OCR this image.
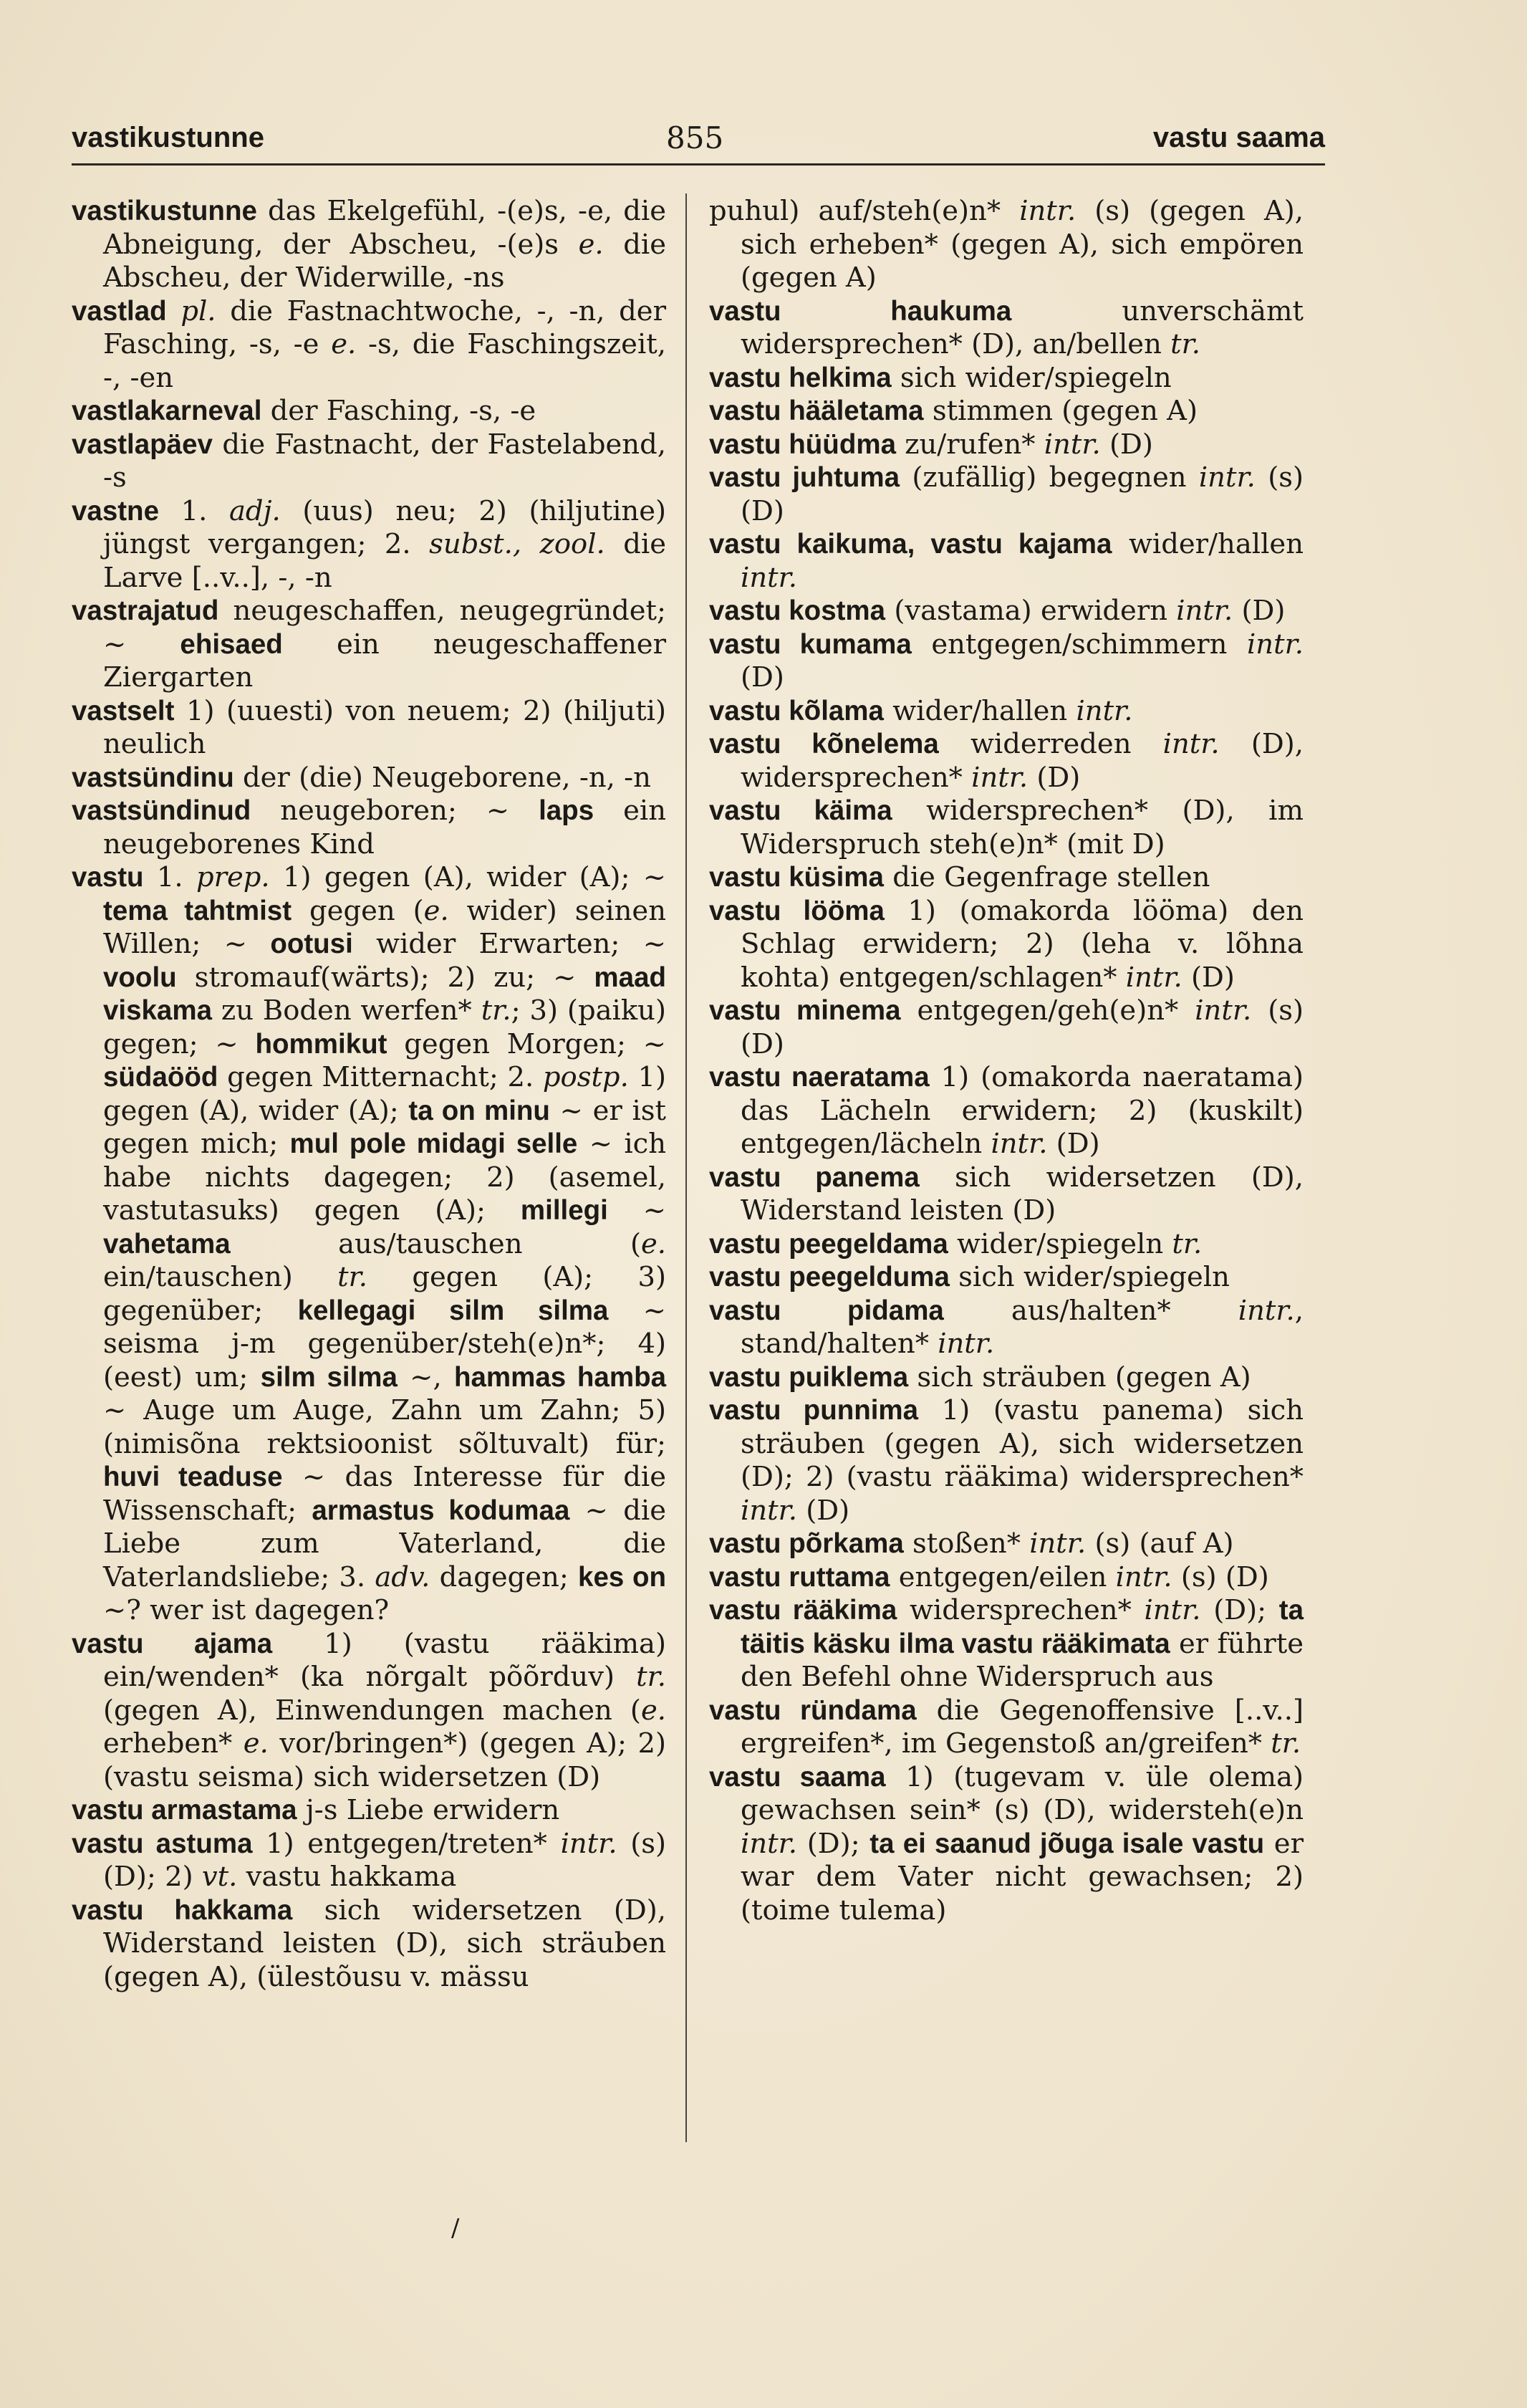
vastikustunne	855	vastu saama
vastikustunne das Ekelgefühl, -(e)s, -e, die Abneigung, der Abscheu, -(e)s e. die Abscheu, der Widerwille, -ns
vastlad pl. die Fastnachtwoche, -, -n, der Fasching, -s, -e e. -s, die Faschingszeit, -, -en
vastlakarneval der Fasching, -s, -e
vastlapäev die Fastnacht, der Fastelabend, -s
vastne 1. adj. (uus) neu; 2) (hiljutine) jüngst vergangen; 2. subst., zool. die Larve [..v..], -, -n
vastrajatud neugeschaffen, neugegründet; ~ ehisaed ein neugeschaffener Ziergarten
vastselt 1) (uuesti) von neuem; 2) (hiljuti) neulich
vastsündinu der (die) Neugeborene, -n, -n
vastsündinud neugeboren; ~ laps ein neugeborenes Kind
vastu 1. prep. 1) gegen (A), wider (A); ~ tema tahtmist gegen (e. wider) seinen Willen; ~ ootusi wider Erwarten; ~ voolu stromauf(wärts); 2) zu; ~ maad viskama zu Boden werfen* tr.; 3) (paiku) gegen; ~ hommikut gegen Morgen; ~ südaööd gegen Mitternacht; 2. postp. 1) gegen (A), wider (A); ta on minu ~ er ist gegen mich; mul pole midagi selle ~ ich habe nichts dagegen; 2) (asemel, vastutasuks) gegen (A); millegi ~ vahetama aus/tauschen (e. ein/tauschen) tr. gegen (A); 3) gegenüber; kellegagi silm silma ~ seisma j-m gegenüber/steh(e)n*; 4) (eest) um; silm silma ~, hammas hamba ~ Auge um Auge, Zahn um Zahn; 5) (nimisõna rektsioonist sõltuvalt) für; huvi teaduse ~ das Interesse für die Wissenschaft; armastus kodumaa ~ die Liebe zum Vaterland, die Vaterlandsliebe; 3. adv. dagegen; kes on ~? wer ist dagegen?
vastu ajama 1) (vastu rääkima) ein/wenden* (ka nõrgalt põõrduv) tr. (gegen A), Einwendungen machen (e. erheben* e. vor/bringen*) (gegen A); 2) (vastu seisma) sich widersetzen (D)
vastu armastama j-s Liebe erwidern
vastu astuma 1) entgegen/treten* intr. (s) (D); 2) vt. vastu hakkama
vastu hakkama sich widersetzen (D), Widerstand leisten (D), sich sträuben (gegen A), (ülestõusu v. mässu
puhul) auf/steh(e)n* intr. (s) (gegen A), sich erheben* (gegen A), sich empören (gegen A)
vastu haukuma unverschämt widersprechen* (D), an/bellen tr.
vastu helkima sich wider/spiegeln
vastu hääletama stimmen (gegen A)
vastu hüüdma zu/rufen* intr. (D)
vastu juhtuma (zufällig) begegnen intr. (s) (D)
vastu kaikuma, vastu kajama wider/hallen intr.
vastu kostma (vastama) erwidern intr. (D)
vastu kumama entgegen/schimmern intr. (D)
vastu kõlama wider/hallen intr.
vastu kõnelema widerreden intr. (D), widersprechen* intr. (D)
vastu käima widersprechen* (D), im Widerspruch steh(e)n* (mit D)
vastu küsima die Gegenfrage stellen
vastu lööma 1) (omakorda lööma) den Schlag erwidern; 2) (leha v. lõhna kohta) entgegen/schlagen* intr. (D)
vastu minema entgegen/geh(e)n* intr. (s) (D)
vastu naeratama 1) (omakorda naeratama) das Lächeln erwidern; 2) (kuskilt) entgegen/lächeln intr. (D)
vastu panema sich widersetzen (D), Widerstand leisten (D)
vastu peegeldama wider/spiegeln tr.
vastu peegelduma sich wider/spiegeln
vastu pidama aus/halten* intr., stand/halten* intr.
vastu puiklema sich sträuben (gegen A)
vastu punnima 1) (vastu panema) sich sträuben (gegen A), sich widersetzen (D); 2) (vastu rääkima) widersprechen* intr. (D)
vastu põrkama stoßen* intr. (s) (auf A)
vastu ruttama entgegen/eilen intr. (s) (D)
vastu rääkima widersprechen* intr. (D); ta täitis käsku ilma vastu rääkimata er führte den Befehl ohne Widerspruch aus
vastu ründama die Gegenoffensive [..v..] ergreifen*, im Gegenstoß an/greifen* tr.
vastu saama 1) (tugevam v. üle olema) gewachsen sein* (s) (D), widersteh(e)n intr. (D); ta ei saanud jõuga isale vastu er war dem Vater nicht gewachsen; 2) (toime tulema)
/
